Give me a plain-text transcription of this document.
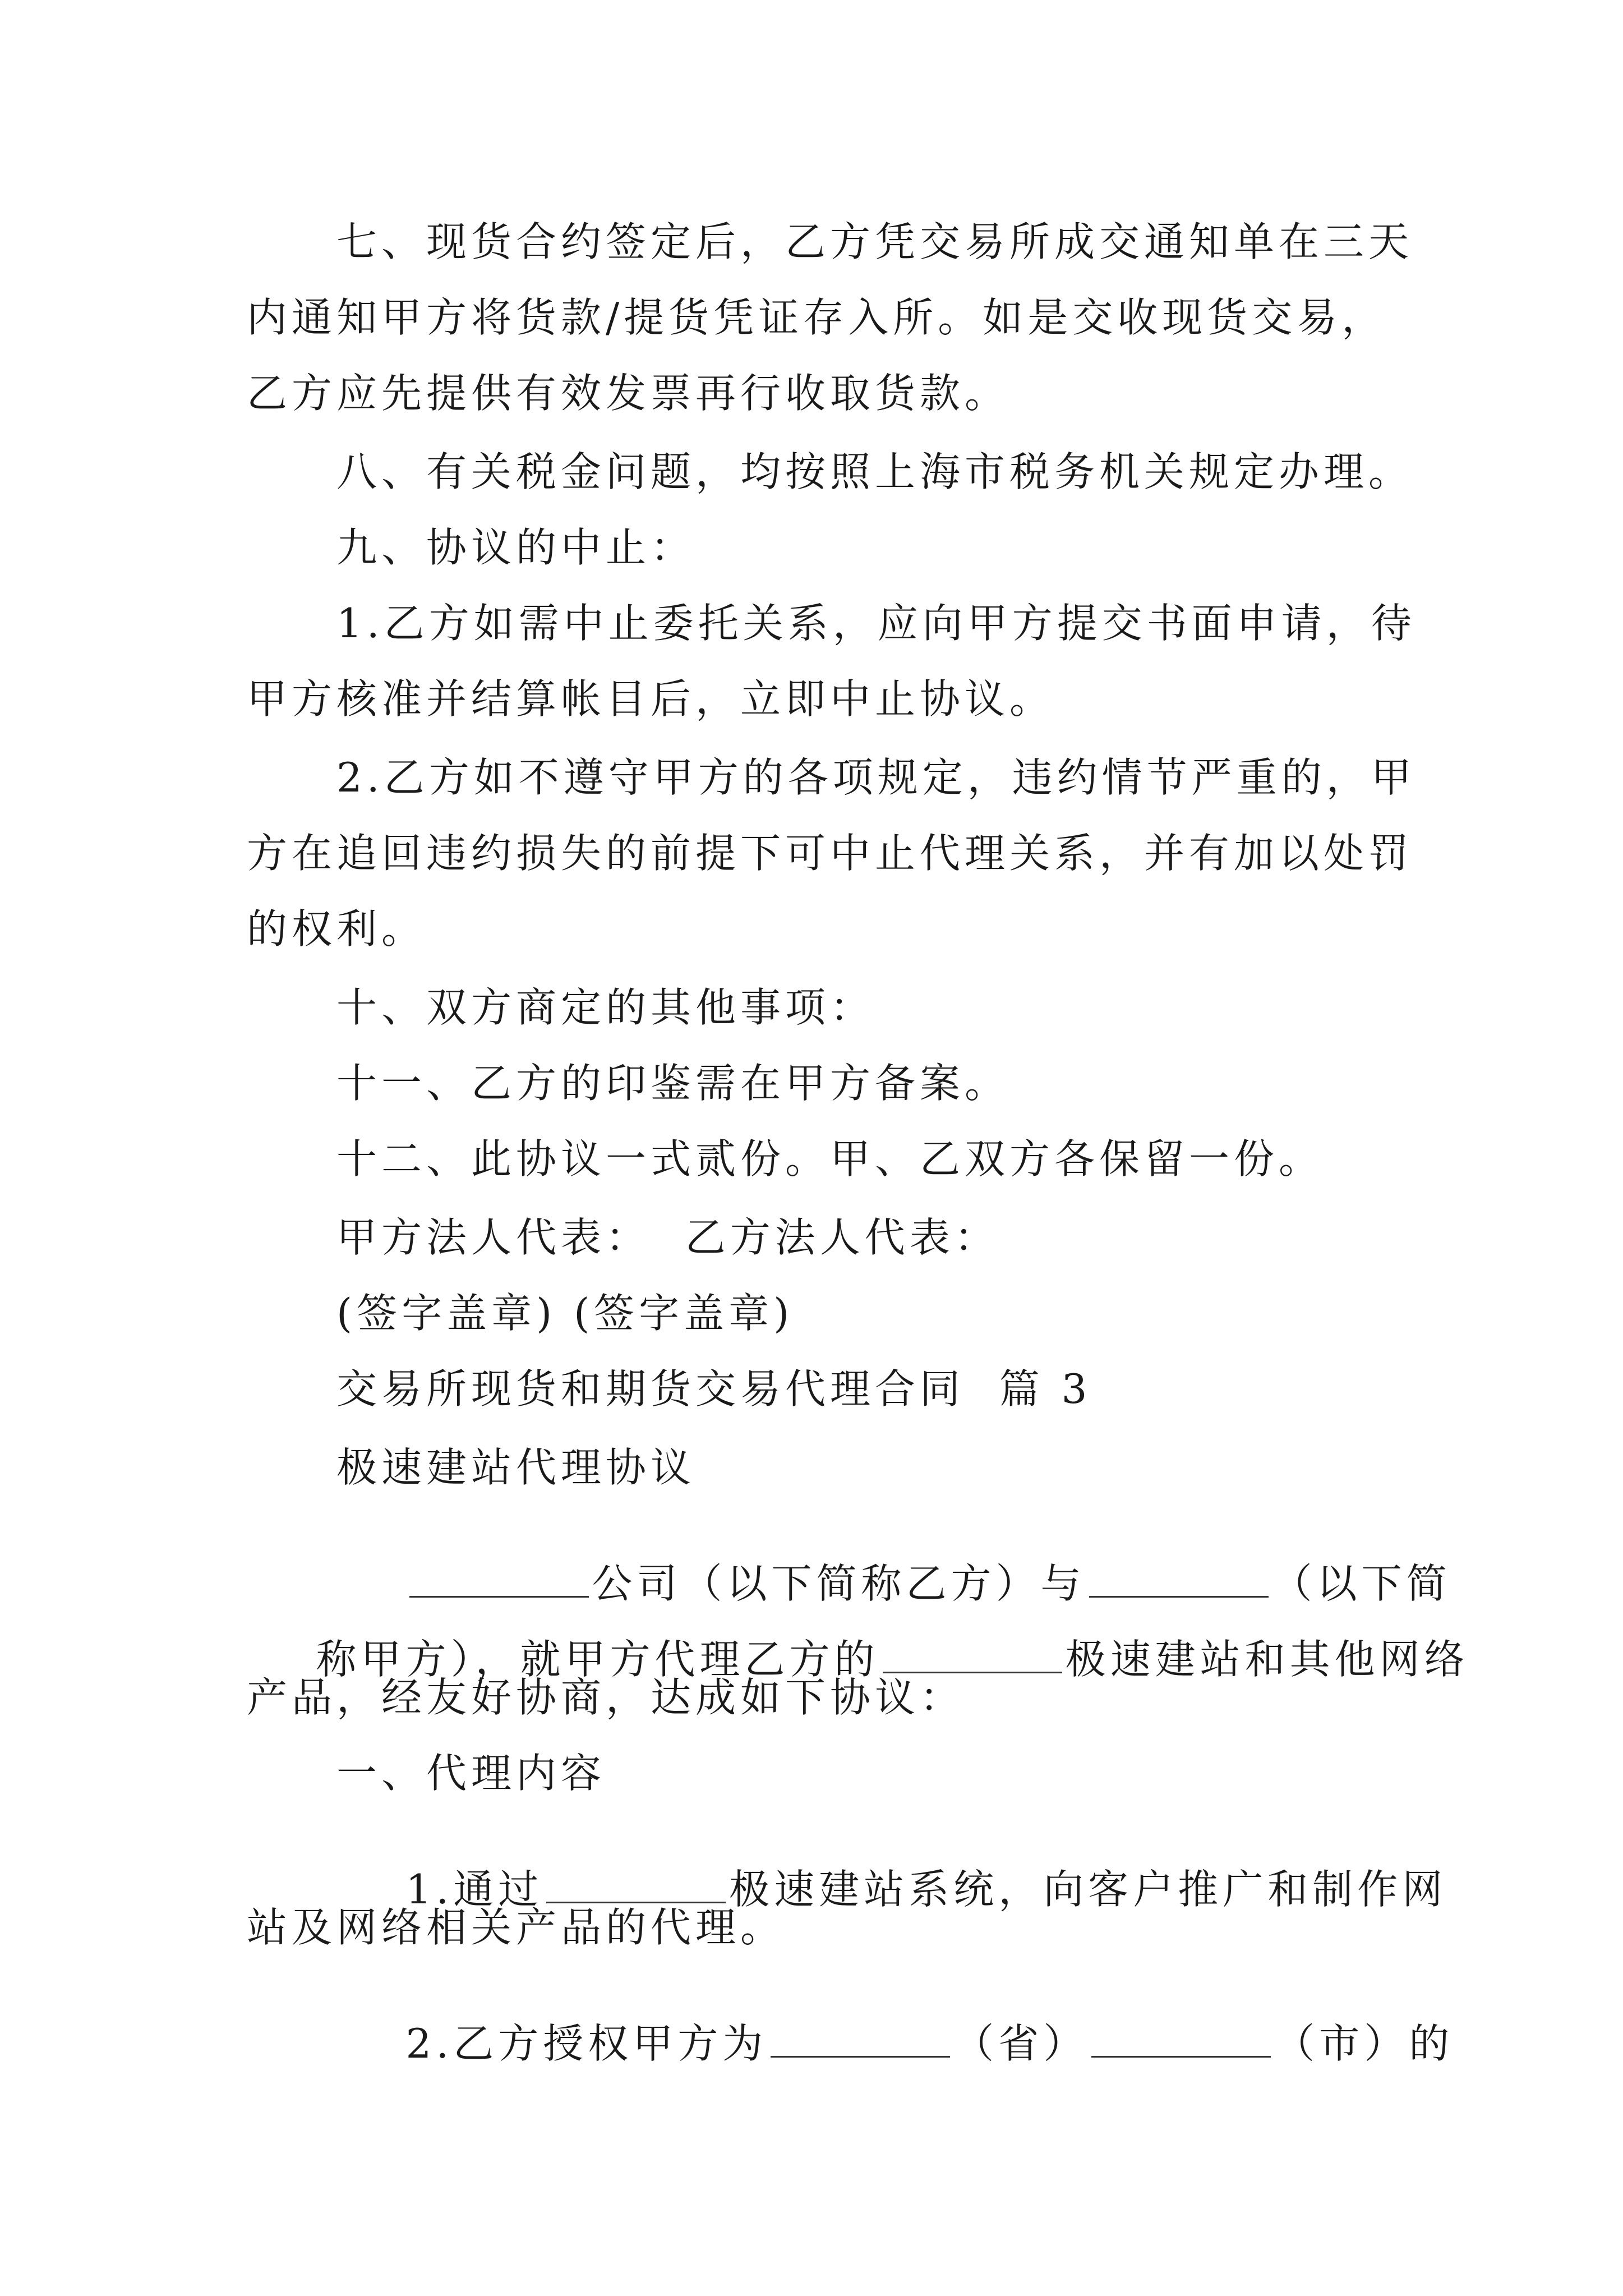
七、现货合约签定后，乙方凭交易所成交通知单在三天
内通知甲方将货款/提货凭证存入所。如是交收现货交易，
乙方应先提供有效发票再行收取货款。
八、有关税金问题，均按照上海市税务机关规定办理。
九、协议的中止：
1.乙方如需中止委托关系，应向甲方提交书面申请，待
甲方核准并结算帐目后，立即中止协议。
2.乙方如不遵守甲方的各项规定，违约情节严重的，甲
方在追回违约损失的前提下可中止代理关系，并有加以处罚
的权利。
十、双方商定的其他事项：
十一、乙方的印鉴需在甲方备案。
十二、此协议一式贰份。甲、乙双方各保留一份。
甲方法人代表：  乙方法人代表：
(签字盖章) (签字盖章)
交易所现货和期货交易代理合同  篇 3
极速建站代理协议

公司（以下简称乙方）与	（以下简

称甲方），就甲方代理乙方的	极速建站和其他网络

产品，经友好协商，达成如下协议：
一、代理内容

1.通过	极速建站系统，向客户推广和制作网

站及网络相关产品的代理。

2.乙方授权甲方为	（省）	（市）的
